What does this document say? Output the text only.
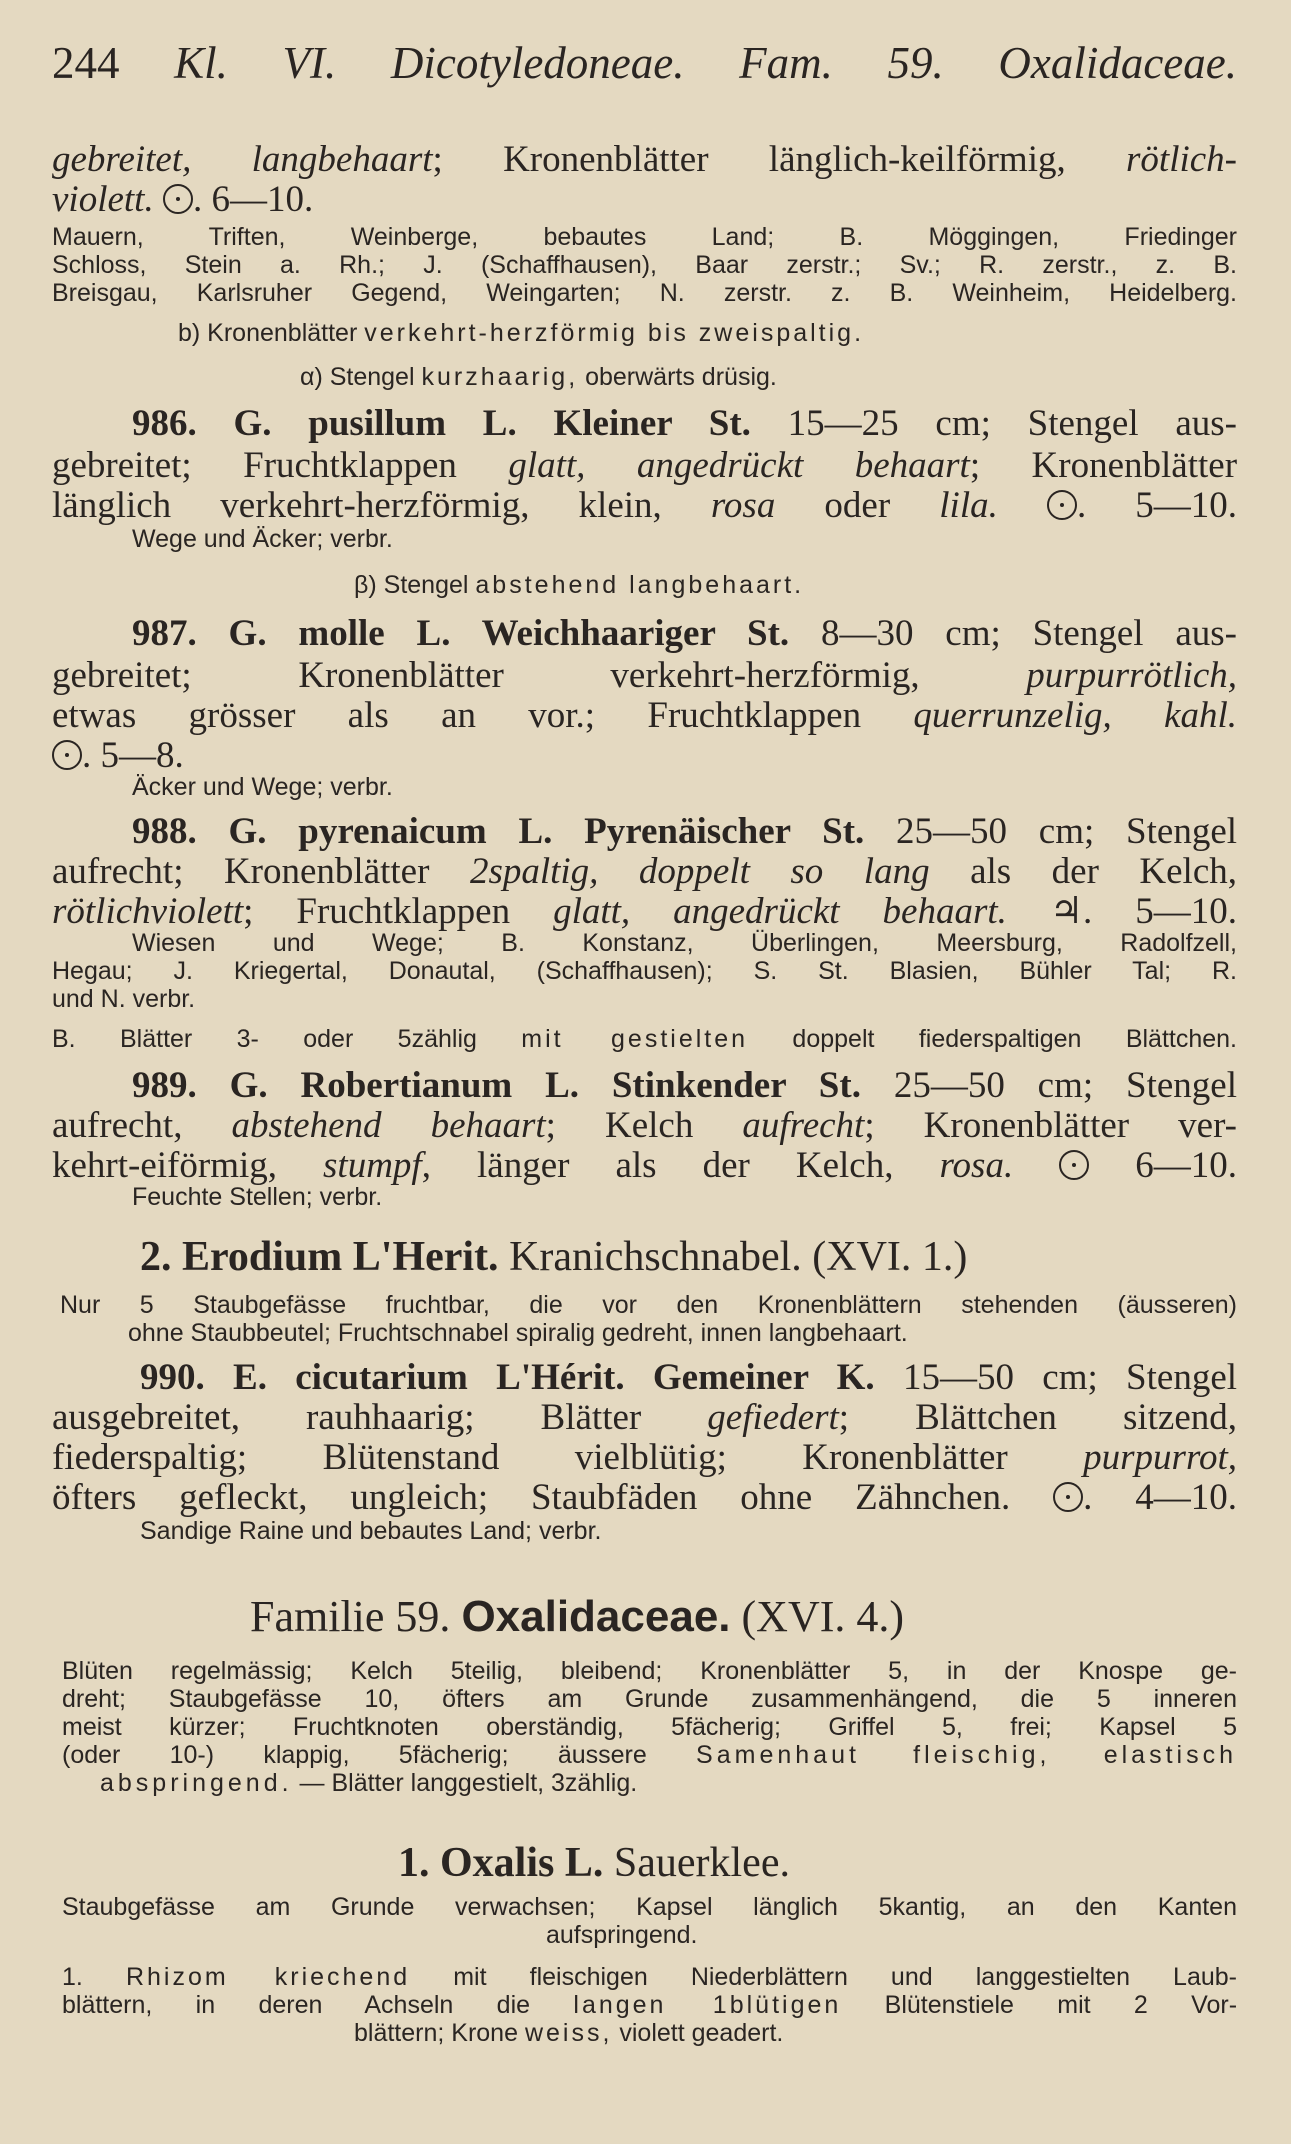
244 Kl. VI. Dicotyledoneae. Fam. 59. Oxalidaceae.
gebreitet, langbehaart; Kronenblätter länglich-keilförmig, rötlich-
violett. . 6—10.
Mauern, Triften, Weinberge, bebautes Land; B. Möggingen, Friedinger
Schloss, Stein a. Rh.; J. (Schaffhausen), Baar zerstr.; Sv.; R. zerstr., z. B.
Breisgau, Karlsruher Gegend, Weingarten; N. zerstr. z. B. Weinheim, Heidelberg.
b) Kronenblätter verkehrt-herzförmig bis zweispaltig.
α) Stengel kurzhaarig, oberwärts drüsig.
986. G. pusillum L. Kleiner St. 15—25 cm; Stengel aus-
gebreitet; Fruchtklappen glatt, angedrückt behaart; Kronenblätter
länglich verkehrt-herzförmig, klein, rosa oder lila. . 5—10.
Wege und Äcker; verbr.
β) Stengel abstehend langbehaart.
987. G. molle L. Weichhaariger St. 8—30 cm; Stengel aus-
gebreitet; Kronenblätter verkehrt-herzförmig,	purpurrötlich,
etwas grösser als an vor.; Fruchtklappen querrunzelig, kahl.
. 5—8.
Äcker und Wege; verbr.
988. G. pyrenaicum L. Pyrenäischer St. 25—50 cm; Stengel
aufrecht; Kronenblätter 2spaltig, doppelt so lang als der Kelch,
rötlichviolett; Fruchtklappen glatt, angedrückt behaart. ♃. 5—10.
Wiesen und Wege; B. Konstanz, Überlingen, Meersburg, Radolfzell,
Hegau; J. Kriegertal, Donautal, (Schaffhausen); S. St. Blasien, Bühler Tal; R.
und N. verbr.
B. Blätter 3- oder 5zählig mit gestielten doppelt fiederspaltigen Blättchen.
989. G. Robertianum L. Stinkender St. 25—50 cm; Stengel
aufrecht, abstehend behaart; Kelch aufrecht; Kronenblätter ver-
kehrt-eiförmig, stumpf, länger als der Kelch, rosa.  6—10.
Feuchte Stellen; verbr.
2. Erodium L'Herit. Kranichschnabel. (XVI. 1.)
Nur 5 Staubgefässe fruchtbar, die vor den Kronenblättern stehenden (äusseren)
ohne Staubbeutel; Fruchtschnabel spiralig gedreht, innen langbehaart.
990. E. cicutarium L'Hérit. Gemeiner K. 15—50 cm; Stengel
ausgebreitet, rauhhaarig; Blätter gefiedert; Blättchen sitzend,
fiederspaltig; Blütenstand vielblütig; Kronenblätter purpurrot,
öfters gefleckt, ungleich; Staubfäden ohne Zähnchen. . 4—10.
Sandige Raine und bebautes Land; verbr.
Familie 59. Oxalidaceae. (XVI. 4.)
Blüten regelmässig; Kelch 5teilig, bleibend; Kronenblätter 5, in der Knospe ge-
dreht; Staubgefässe 10, öfters am Grunde zusammenhängend, die 5 inneren
meist kürzer; Fruchtknoten oberständig, 5fächerig; Griffel 5, frei; Kapsel 5
(oder 10-) klappig, 5fächerig; äussere Samenhaut fleischig, elastisch
abspringend. — Blätter langgestielt, 3zählig.
1. Oxalis L. Sauerklee.
Staubgefässe am Grunde verwachsen; Kapsel länglich 5kantig, an den Kanten
aufspringend.
1. Rhizom kriechend mit fleischigen Niederblättern und langgestielten Laub-
blättern, in deren Achseln die langen 1blütigen Blütenstiele mit 2 Vor-
blättern; Krone weiss, violett geadert.
